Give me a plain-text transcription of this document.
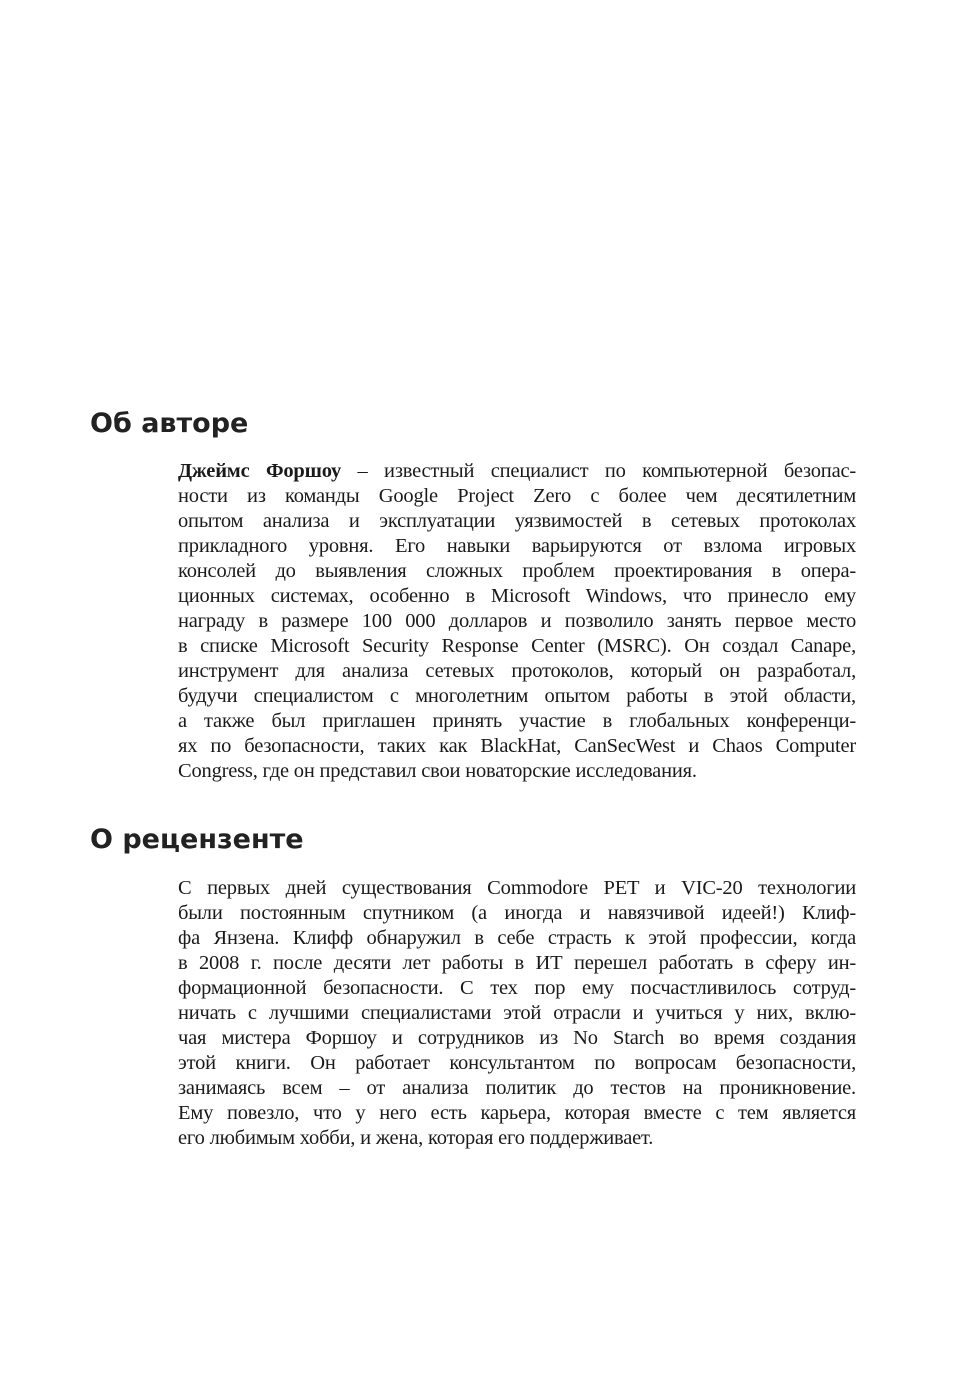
Об авторе
Джеймс Форшоу – известный специалист по компьютерной безопас-
ности из команды Google Project Zero с более чем десятилетним
опытом анализа и эксплуатации уязвимостей в сетевых протоколах
прикладного уровня. Его навыки варьируются от взлома игровых
консолей до выявления сложных проблем проектирования в опера-
ционных системах, особенно в Microsoft Windows, что принесло ему
награду в размере 100 000 долларов и позволило занять первое место
в списке Microsoft Security Response Center (MSRC). Он создал Canape,
инструмент для анализа сетевых протоколов, который он разработал,
будучи специалистом с многолетним опытом работы в этой области,
а также был приглашен принять участие в глобальных конференци-
ях по безопасности, таких как BlackHat, CanSecWest и Chaos Computer
Congress, где он представил свои новаторские исследования.
О рецензенте
С первых дней существования Commodore PET и VIC-20 технологии
были постоянным спутником (а иногда и навязчивой идеей!) Клиф-
фа Янзена. Клифф обнаружил в себе страсть к этой профессии, когда
в 2008 г. после десяти лет работы в ИТ перешел работать в сферу ин-
формационной безопасности. С тех пор ему посчастливилось сотруд-
ничать с лучшими специалистами этой отрасли и учиться у них, вклю-
чая мистера Форшоу и сотрудников из No Starch во время создания
этой книги. Он работает консультантом по вопросам безопасности,
занимаясь всем – от анализа политик до тестов на проникновение.
Ему повезло, что у него есть карьера, которая вместе с тем является
его любимым хобби, и жена, которая его поддерживает.
